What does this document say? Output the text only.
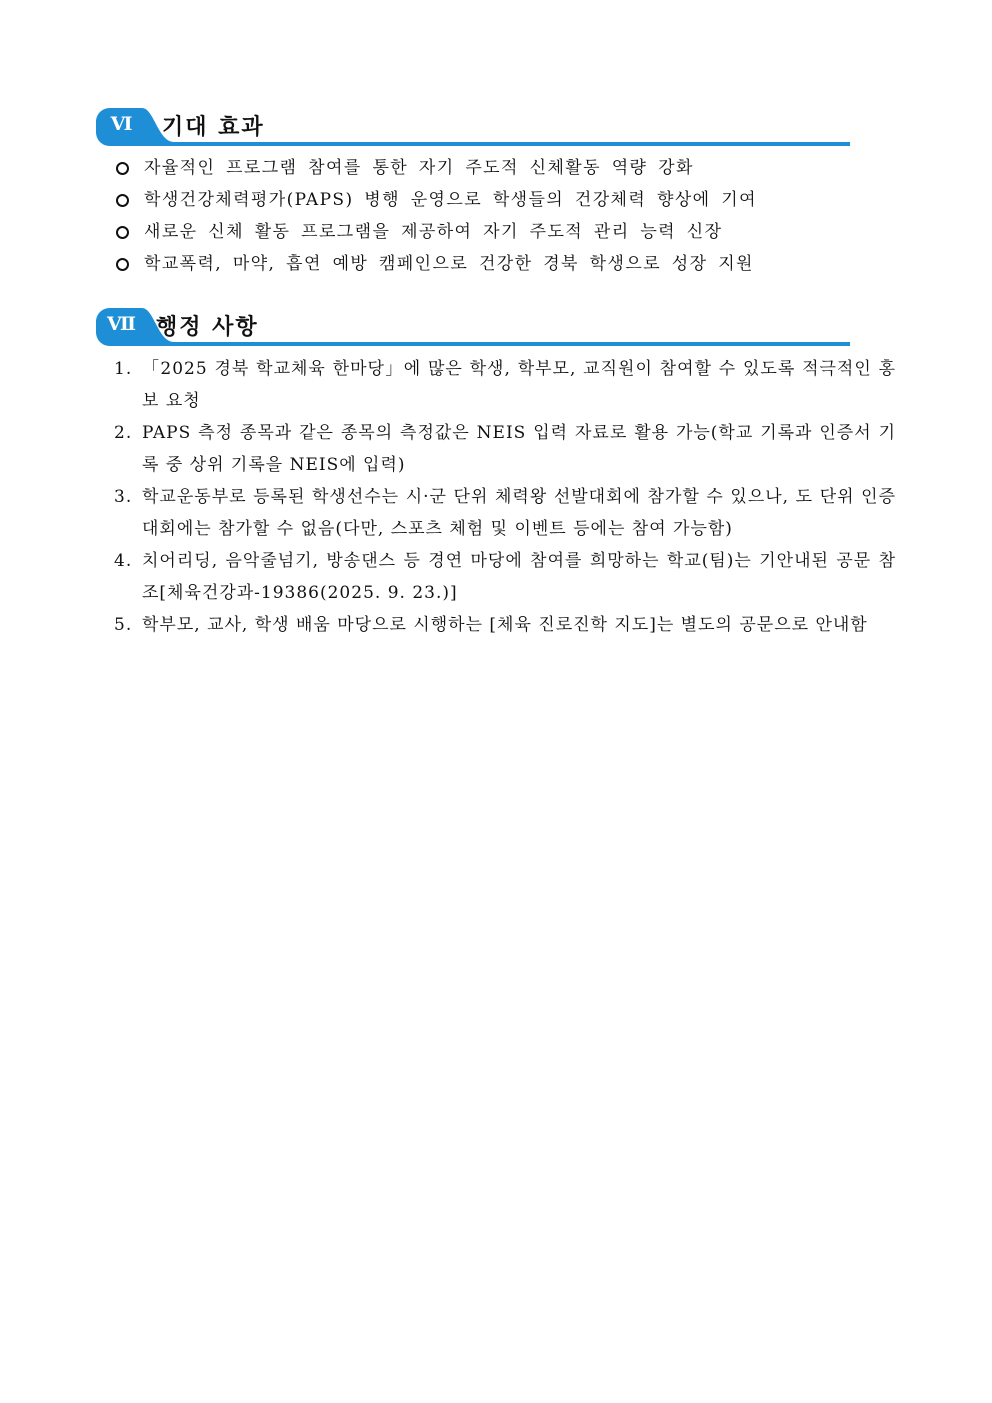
Ⅵ	기대 효과
자율적인 프로그램 참여를 통한 자기 주도적 신체활동 역량 강화
학생건강체력평가(PAPS) 병행 운영으로 학생들의 건강체력 향상에 기여
새로운 신체 활동 프로그램을 제공하여 자기 주도적 관리 능력 신장
학교폭력, 마약, 흡연 예방 캠페인으로 건강한 경북 학생으로 성장 지원
Ⅶ 행정 사항
1. 「2025 경북 학교체육 한마당」에 많은 학생, 학부모, 교직원이 참여할 수 있도록 적극적인 홍보 요청
2. PAPS 측정 종목과 같은 종목의 측정값은 NEIS 입력 자료로 활용 가능(학교 기록과 인증서 기록 중 상위 기록을 NEIS에 입력)
3. 학교운동부로 등록된 학생선수는 시·군 단위 체력왕 선발대회에 참가할 수 있으나, 도 단위 인증 대회에는 참가할 수 없음(다만, 스포츠 체험 및 이벤트 등에는 참여 가능함)
4. 치어리딩, 음악줄넘기, 방송댄스 등 경연 마당에 참여를 희망하는 학교(팀)는 기안내된 공문 참조[체육건강과-19386(2025. 9. 23.)]
5. 학부모, 교사, 학생 배움 마당으로 시행하는 [체육 진로진학 지도]는 별도의 공문으로 안내함
